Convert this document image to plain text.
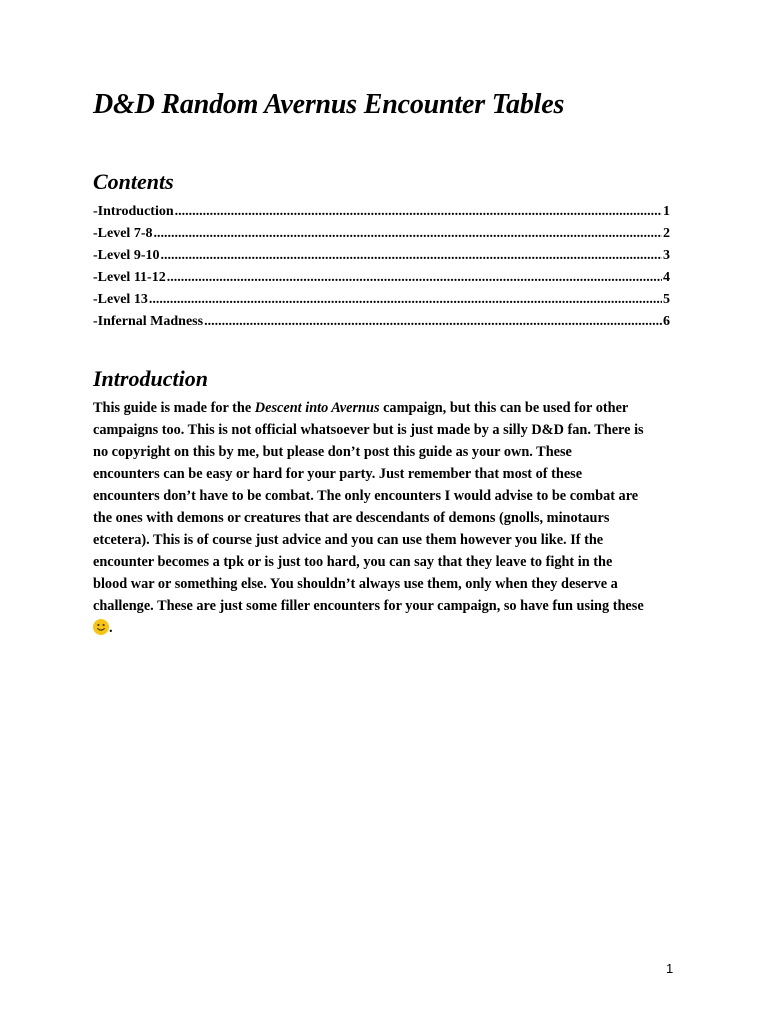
D&D Random Avernus Encounter Tables
Contents
-Introduction .....	1
-Level 7-8 .....	2
-Level 9-10 .....	3
-Level 11-12 .....	4
-Level 13 .....	5
-Infernal Madness .....	6
Introduction

This guide is made for the Descent into Avernus campaign, but this can be used for other
campaigns too. This is not official whatsoever but is just made by a silly D&D fan. There is
no copyright on this by me, but please don’t post this guide as your own. These
encounters can be easy or hard for your party. Just remember that most of these
encounters don’t have to be combat. The only encounters I would advise to be combat are
the ones with demons or creatures that are descendants of demons (gnolls, minotaurs
etcetera). This is of course just advice and you can use them however you like. If the
encounter becomes a tpk or is just too hard, you can say that they leave to fight in the
blood war or something else. You shouldn’t always use them, only when they deserve a
challenge. These are just some filler encounters for your campaign, so have fun using these
.

1
